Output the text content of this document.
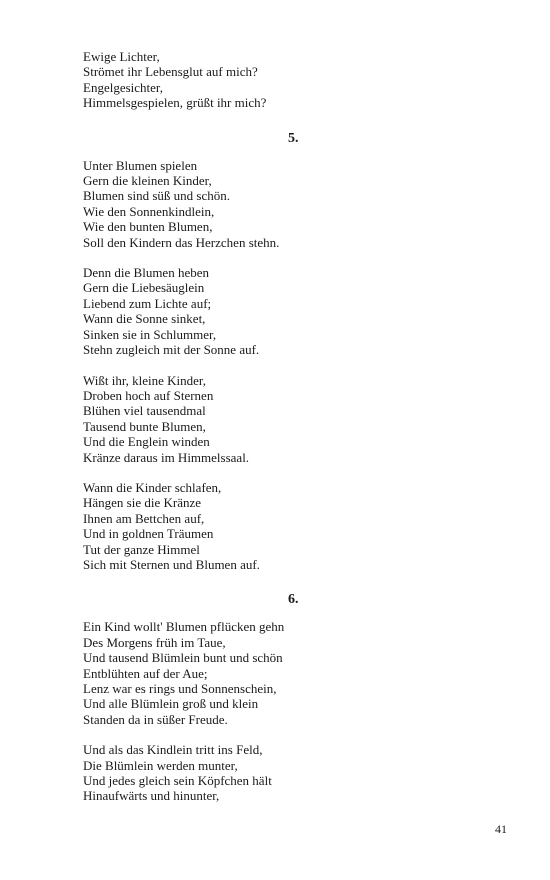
Ewige Lichter,
Strömet ihr Lebensglut auf mich?
Engelgesichter,
Himmelsgespielen, grüßt ihr mich?
5.
Unter Blumen spielen
Gern die kleinen Kinder,
Blumen sind süß und schön.
Wie den Sonnenkindlein,
Wie den bunten Blumen,
Soll den Kindern das Herzchen stehn.
Denn die Blumen heben
Gern die Liebesäuglein
Liebend zum Lichte auf;
Wann die Sonne sinket,
Sinken sie in Schlummer,
Stehn zugleich mit der Sonne auf.
Wißt ihr, kleine Kinder,
Droben hoch auf Sternen
Blühen viel tausendmal
Tausend bunte Blumen,
Und die Englein winden
Kränze daraus im Himmelssaal.
Wann die Kinder schlafen,
Hängen sie die Kränze
Ihnen am Bettchen auf,
Und in goldnen Träumen
Tut der ganze Himmel
Sich mit Sternen und Blumen auf.
6.
Ein Kind wollt' Blumen pflücken gehn
Des Morgens früh im Taue,
Und tausend Blümlein bunt und schön
Entblühten auf der Aue;
Lenz war es rings und Sonnenschein,
Und alle Blümlein groß und klein
Standen da in süßer Freude.
Und als das Kindlein tritt ins Feld,
Die Blümlein werden munter,
Und jedes gleich sein Köpfchen hält
Hinaufwärts und hinunter,
41
